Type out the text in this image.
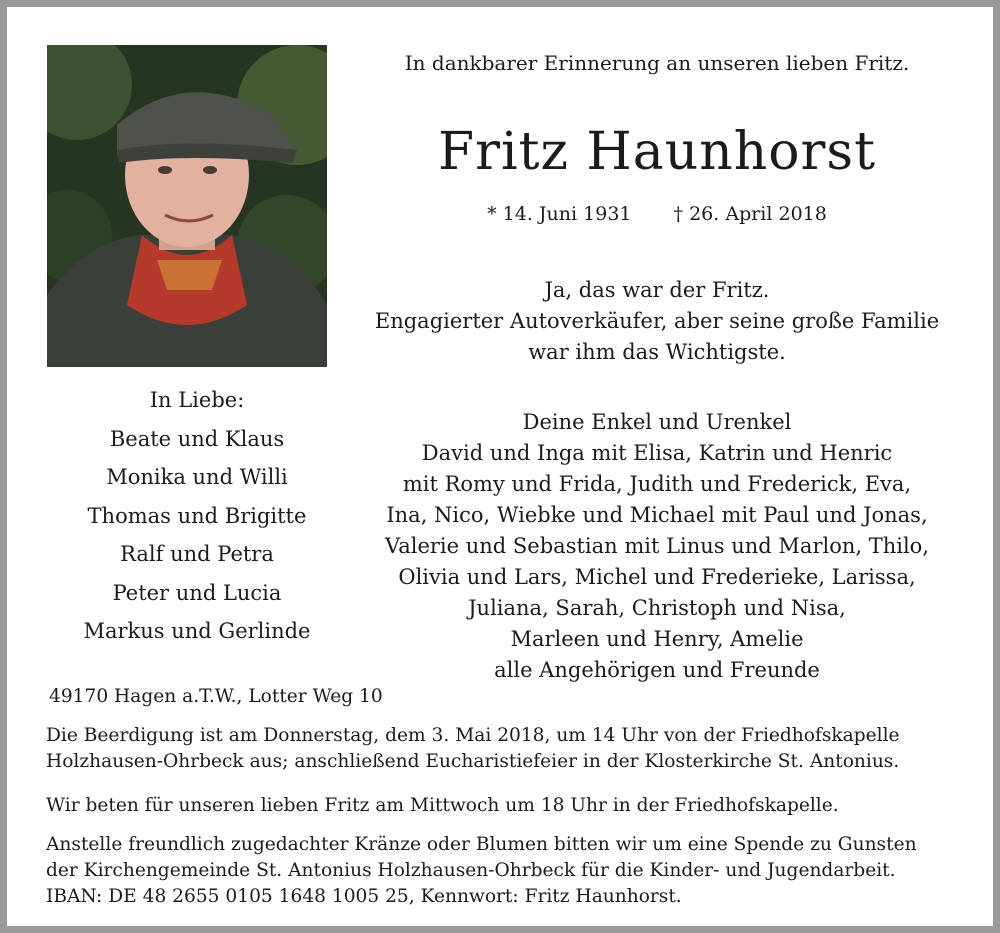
In dankbarer Erinnerung an unseren lieben Fritz.
Fritz Haunhorst
* 14. Juni 1931 † 26. April 2018
Ja, das war der Fritz.
Engagierter Autoverkäufer, aber seine große Familie
war ihm das Wichtigste.
In Liebe:
Beate und Klaus
Monika und Willi
Thomas und Brigitte
Ralf und Petra
Peter und Lucia
Markus und Gerlinde
Deine Enkel und Urenkel
David und Inga mit Elisa, Katrin und Henric
mit Romy und Frida, Judith und Frederick, Eva,
Ina, Nico, Wiebke und Michael mit Paul und Jonas,
Valerie und Sebastian mit Linus und Marlon, Thilo,
Olivia und Lars, Michel und Frederieke, Larissa,
Juliana, Sarah, Christoph und Nisa,
Marleen und Henry, Amelie
alle Angehörigen und Freunde
49170 Hagen a.T.W., Lotter Weg 10
Die Beerdigung ist am Donnerstag, dem 3. Mai 2018, um 14 Uhr von der Friedhofskapelle
Holzhausen-Ohrbeck aus; anschließend Eucharistiefeier in der Klosterkirche St. Antonius.
Wir beten für unseren lieben Fritz am Mittwoch um 18 Uhr in der Friedhofskapelle.
Anstelle freundlich zugedachter Kränze oder Blumen bitten wir um eine Spende zu Gunsten
der Kirchengemeinde St. Antonius Holzhausen-Ohrbeck für die Kinder- und Jugendarbeit.
IBAN: DE 48 2655 0105 1648 1005 25, Kennwort: Fritz Haunhorst.
